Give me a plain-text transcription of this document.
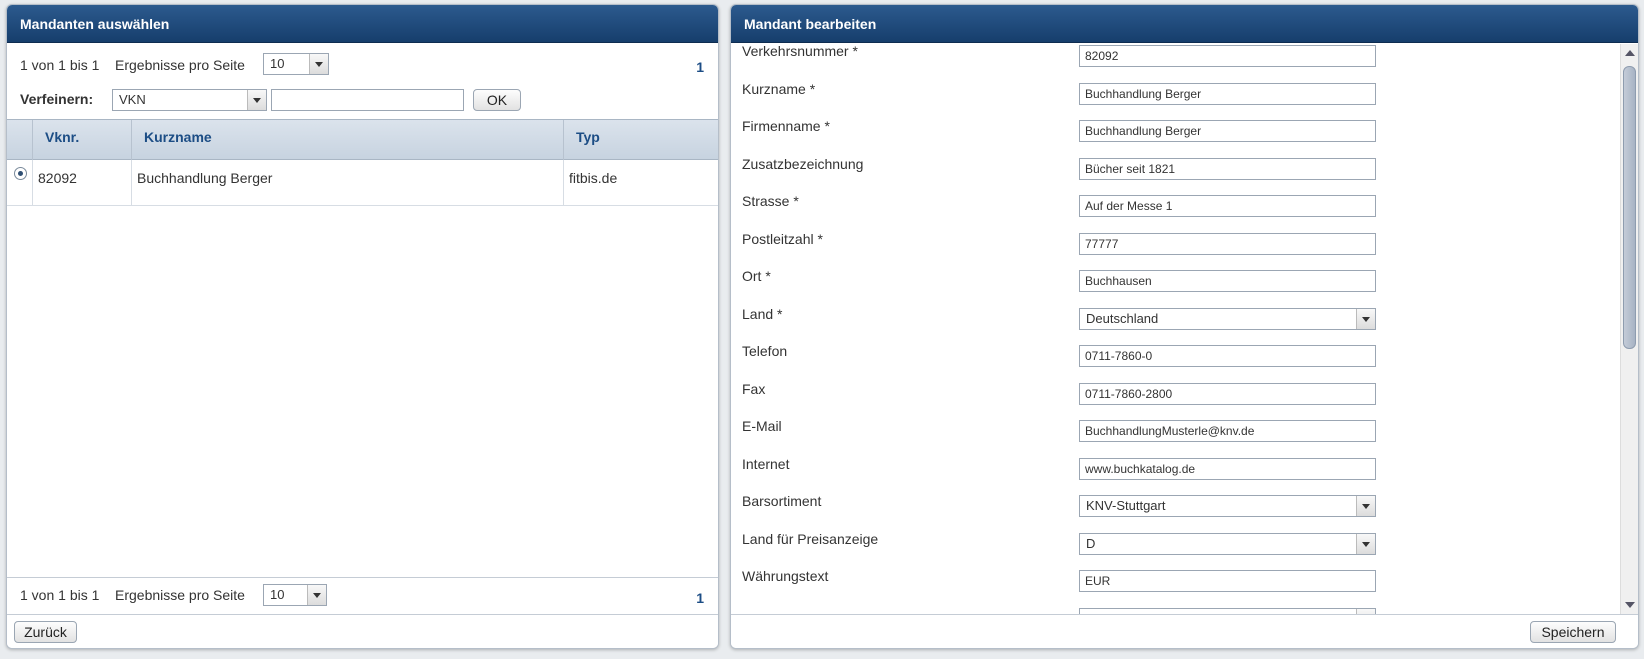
Mandanten auswählen
1 von 1 bis 1 Ergebnisse pro Seite 10	1
Verfeinern: VKN	OK
Vknr.	Kurzname	Typ
82092	Buchhandlung Berger	fitbis.de
1 von 1 bis 1 Ergebnisse pro Seite 10	1
Zurück
Mandant bearbeiten
Verkehrsnummer *	82092
Kurzname *	Buchhandlung Berger
Firmenname *	Buchhandlung Berger
Zusatzbezeichnung	Bücher seit 1821
Strasse *	Auf der Messe 1
Postleitzahl *	77777
Ort *	Buchhausen
Land *	Deutschland
Telefon	0711-7860-0
Fax	0711-7860-2800
E-Mail	BuchhandlungMusterle@knv.de
Internet	www.buchkatalog.de
Barsortiment	KNV-Stuttgart
Land für Preisanzeige	D
Währungstext	EUR
Speichern
